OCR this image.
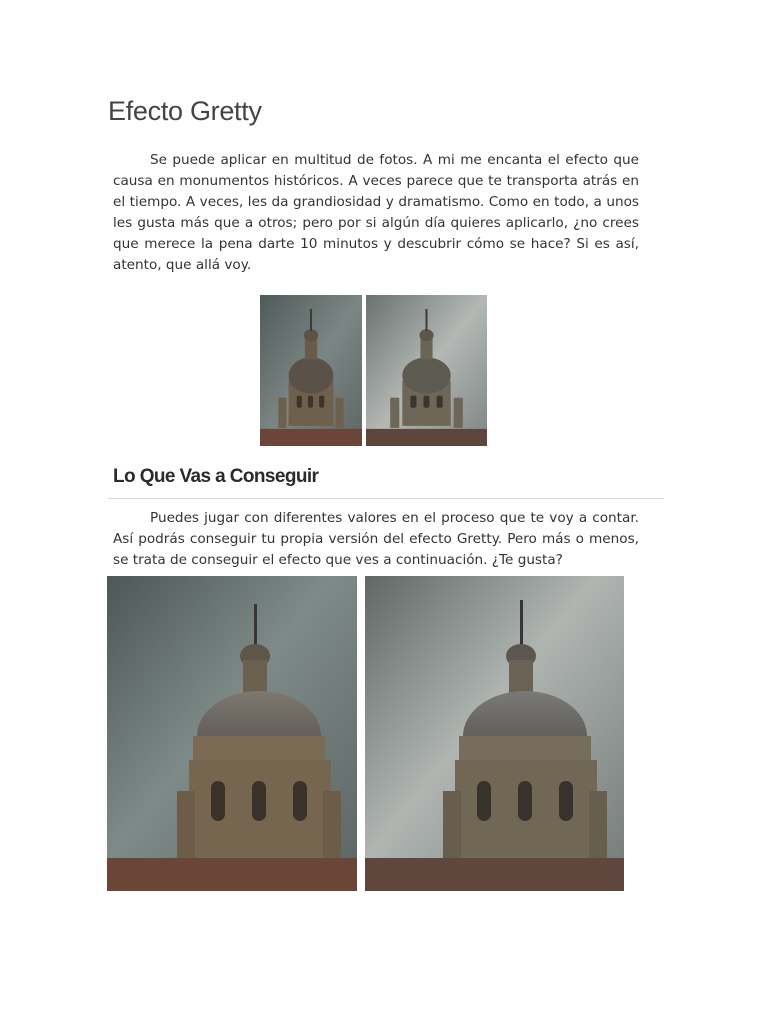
Efecto Gretty

Se puede aplicar en multitud de fotos. A mi me encanta el efecto que causa en monumentos históricos. A veces parece que te transporta atrás en el tiempo. A veces, les da grandiosidad y dramatismo. Como en todo, a unos les gusta más que a otros; pero por si algún día quieres aplicarlo, ¿no crees que merece la pena darte 10 minutos y descubrir cómo se hace? Si es así, atento, que allá voy.

Lo Que Vas a Conseguir

Puedes jugar con diferentes valores en el proceso que te voy a contar. Así podrás conseguir tu propia versión del efecto Gretty. Pero más o menos, se trata de conseguir el efecto que ves a continuación. ¿Te gusta?
